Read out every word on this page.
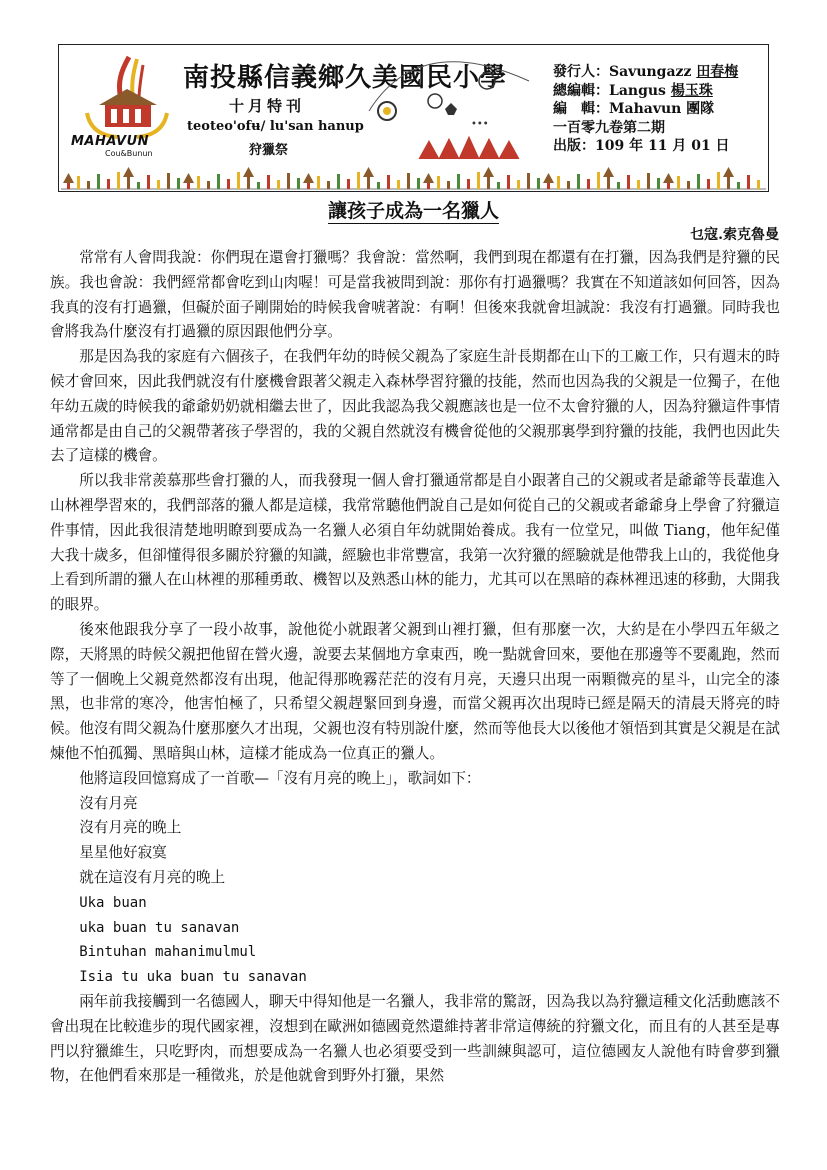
MAHAVUN
Cou&Bunun
南投縣信義鄉久美國民小學
十月特刊
teoteo'ofʉ/ lu'san hanup
狩獵祭
•••
發行人：Savungazz 田春梅
總編輯：Langus 楊玉珠
編　輯：Mahavun 團隊
一百零九卷第二期
出版：109 年 11 月 01 日
讓孩子成為一名獵人
乜寇.索克魯曼

常常有人會問我說：你們現在還會打獵嗎？我會說：當然啊，我們到現在都還有在打獵，因為我們是狩獵的民族。我也會說：我們經常都會吃到山肉喔！可是當我被問到說：那你有打過獵嗎？我實在不知道該如何回答，因為我真的沒有打過獵，但礙於面子剛開始的時候我會唬著說：有啊！但後來我就會坦誠說：我沒有打過獵。同時我也會將我為什麼沒有打過獵的原因跟他們分享。

那是因為我的家庭有六個孩子，在我們年幼的時候父親為了家庭生計長期都在山下的工廠工作，只有週末的時候才會回來，因此我們就沒有什麼機會跟著父親走入森林學習狩獵的技能，然而也因為我的父親是一位獨子，在他年幼五歲的時候我的爺爺奶奶就相繼去世了，因此我認為我父親應該也是一位不太會狩獵的人，因為狩獵這件事情通常都是由自己的父親帶著孩子學習的，我的父親自然就沒有機會從他的父親那裏學到狩獵的技能，我們也因此失去了這樣的機會。

所以我非常羨慕那些會打獵的人，而我發現一個人會打獵通常都是自小跟著自己的父親或者是爺爺等長輩進入山林裡學習來的，我們部落的獵人都是這樣，我常常聽他們說自己是如何從自己的父親或者爺爺身上學會了狩獵這件事情，因此我很清楚地明瞭到要成為一名獵人必須自年幼就開始養成。我有一位堂兄，叫做 Tiang，他年紀僅大我十歲多，但卻懂得很多關於狩獵的知識，經驗也非常豐富，我第一次狩獵的經驗就是他帶我上山的，我從他身上看到所謂的獵人在山林裡的那種勇敢、機智以及熟悉山林的能力，尤其可以在黑暗的森林裡迅速的移動，大開我的眼界。

後來他跟我分享了一段小故事，說他從小就跟著父親到山裡打獵，但有那麼一次，大約是在小學四五年級之際，天將黑的時候父親把他留在營火邊，說要去某個地方拿東西，晚一點就會回來，要他在那邊等不要亂跑，然而等了一個晚上父親竟然都沒有出現，他記得那晚霧茫茫的沒有月亮，天邊只出現一兩顆微亮的星斗，山完全的漆黑，也非常的寒冷，他害怕極了，只希望父親趕緊回到身邊，而當父親再次出現時已經是隔天的清晨天將亮的時候。他沒有問父親為什麼那麼久才出現，父親也沒有特別說什麼，然而等他長大以後他才領悟到其實是父親是在試煉他不怕孤獨、黑暗與山林，這樣才能成為一位真正的獵人。

他將這段回憶寫成了一首歌—「沒有月亮的晚上」，歌詞如下：

沒有月亮
沒有月亮的晚上
星星他好寂寞
就在這沒有月亮的晚上
Uka buan
uka buan tu sanavan
Bintuhan mahanimulmul
Isia tu uka buan tu sanavan

兩年前我接觸到一名德國人，聊天中得知他是一名獵人，我非常的驚訝，因為我以為狩獵這種文化活動應該不會出現在比較進步的現代國家裡，沒想到在歐洲如德國竟然還維持著非常這傳統的狩獵文化，而且有的人甚至是專門以狩獵維生，只吃野肉，而想要成為一名獵人也必須要受到一些訓練與認可，這位德國友人說他有時會夢到獵物，在他們看來那是一種徵兆，於是他就會到野外打獵，果然
